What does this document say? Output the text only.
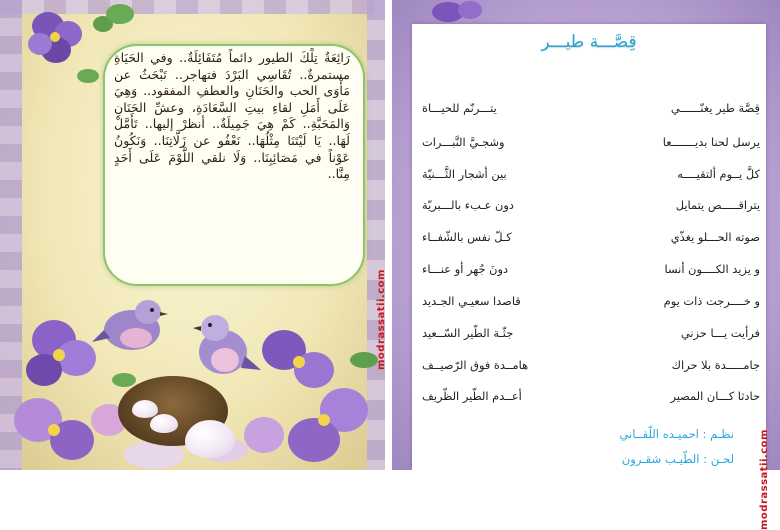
رَائِعَةٌ تِلْكَ الطيور دائماً مُتَفَائِلَةٌ.. وفي الحَيَاةِ مستمرةٌ.. تُقَاسِي البَرْدَ فتهاجر.. تَبْحَثُ عن مَأْوَى الحب والحَنَانِ والعطفِ المفقود.. وَهِيَ عَلَى أَمَلِ لقاءِ بيتِ السَّعَادَةِ، وعشِّ الحَنَانِ وَالمَحَبَّةِ.. كَمْ هِيَ جَمِيلَةٌ.. أنظرْ إليها.. تَأَمَّلْ لَهَا.. يَا لَيْتَنَا مِثْلُهَا.. نَعْفُو عن زَلَّاتِنَا.. وَنَكُونُ عَوْناً في مَصَائِبِنَا.. وَلَا نلقي اللَّوْمَ عَلَى أَحَدٍ مِنَّا..
قِصَّـــة طيـــر
قِصَّة طير يغنّــــــي
يتـــرنّم للحيـــاة
يرسل لحنا بديـــــــعا
وشجـيَّ النَّبـــرات
كلَّ يــوم ألتقيــــه
بين أشجار الثَّـــنيّة
يتراقـــــص يتمايل
دون عـبء بالـــبريّة
صوته الحـــلو يغذّي
كـلّ نفس بالشّفــاء
و يزيد الكــــون أنسا
دونَ جُهر أو عنـــاء
و خــــرجت ذات يوم
قاصدا سعيـي الجـديد
فرأيت يـــا حزني
جثّـة الطّير السّــعيد
جامـــــدة بلا حراك
هامــدة فوق الرّصيــف
حادثا كـــان المصير
أعــدم الطّير الظّريف
نظـم : احميـده اللّقــاني
لحـن : الطّيـب شقـرون
modrassatii.com
modrassatii.com
